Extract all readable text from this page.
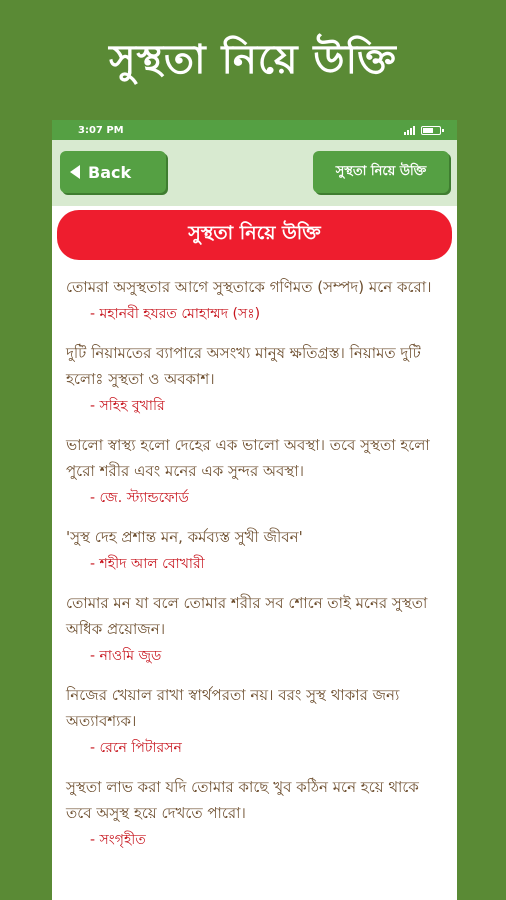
সুস্থতা নিয়ে উক্তি
3:07 PM
Back	সুস্থতা নিয়ে উক্তি
সুস্থতা নিয়ে উক্তি
তোমরা অসুস্থতার আগে সুস্থতাকে গণিমত (সম্পদ) মনে করো।
- মহানবী হযরত মোহাম্মদ (সঃ)
দুটি নিয়ামতের ব্যাপারে অসংখ্য মানুষ ক্ষতিগ্রস্ত। নিয়ামত দুটি হলোঃ সুস্থতা ও অবকাশ।
- সহিহ বুখারি
ভালো স্বাস্থ্য হলো দেহের এক ভালো অবস্থা। তবে সুস্থতা হলো পুরো শরীর এবং মনের এক সুন্দর অবস্থা।
- জে. স্ট্যান্ডফোর্ড
'সুস্থ দেহ প্রশান্ত মন, কর্মব্যস্ত সুখী জীবন'
- শহীদ আল বোখারী
তোমার মন যা বলে তোমার শরীর সব শোনে তাই মনের সুস্থতা অধিক প্রয়োজন।
- নাওমি জুড
নিজের খেয়াল রাখা স্বার্থপরতা নয়। বরং সুস্থ থাকার জন্য অত্যাবশ্যক।
- রেনে পিটারসন
সুস্থতা লাভ করা যদি তোমার কাছে খুব কঠিন মনে হয়ে থাকে তবে অসুস্থ হয়ে দেখতে পারো।
- সংগৃহীত
